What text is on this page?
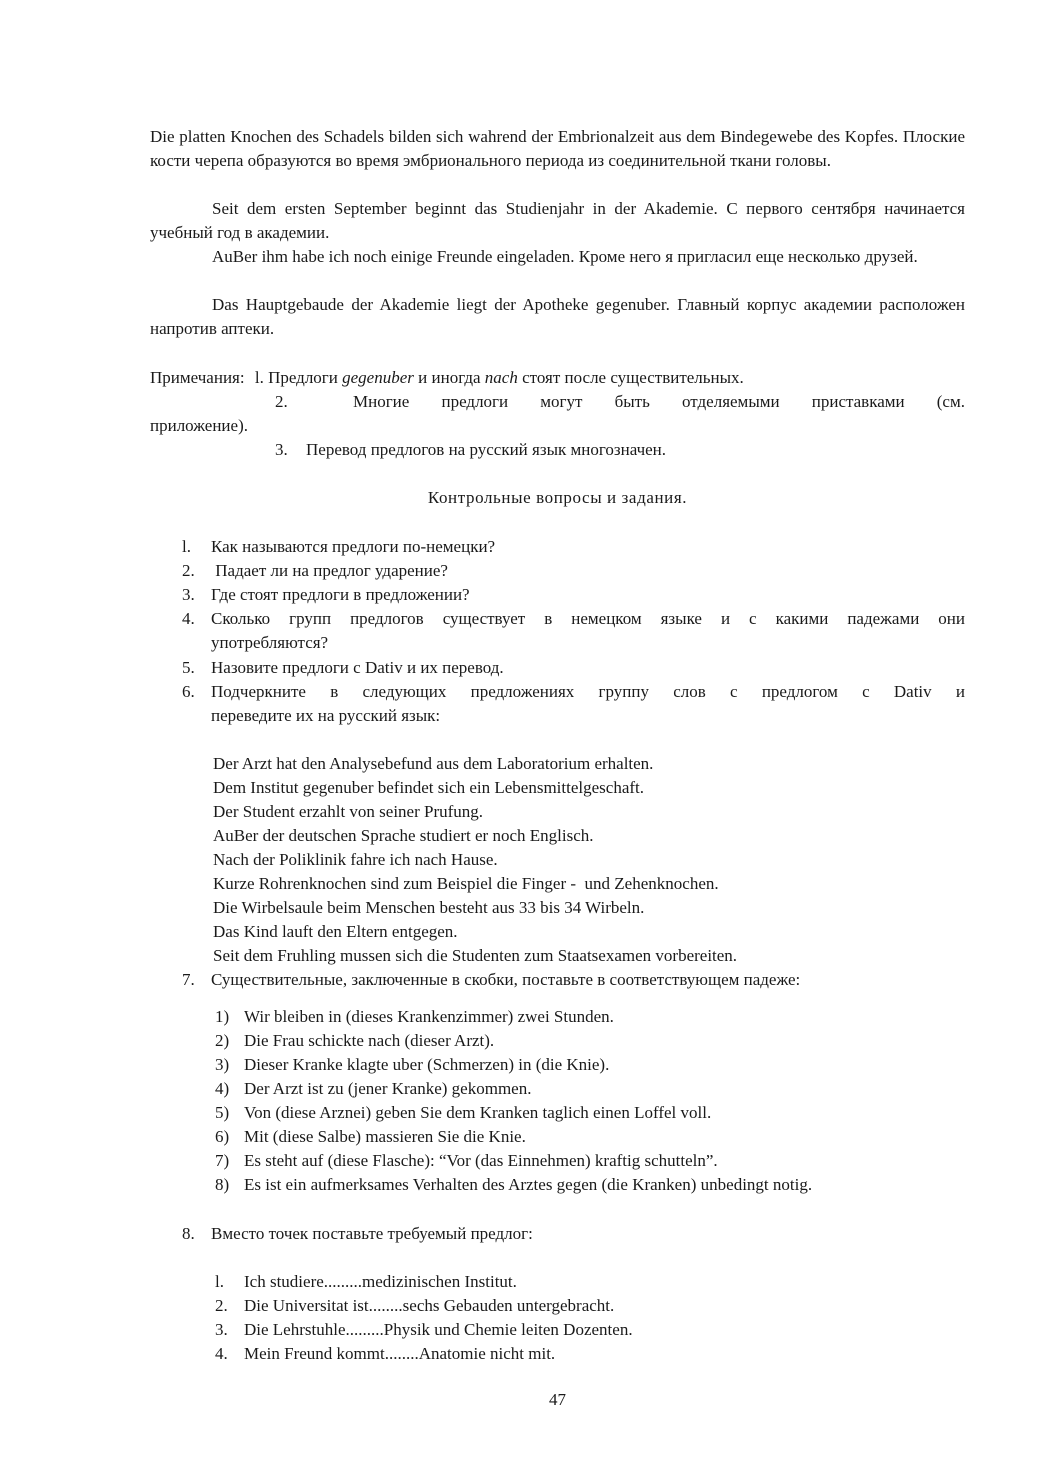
Die platten Knochen des Schadels bilden sich wahrend der Embrionalzeit aus dem Bindegewebe des Kopfes. Плоские кости черепа образуются во время эмбрионального периода из соединительной ткани головы.
Seit dem ersten September beginnt das Studienjahr in der Akademie. С первого сентября начинается учебный год в академии.
AuBer ihm habe ich noch einige Freunde eingeladen. Кроме него я пригласил еще несколько друзей.
Das Hauptgebaude der Akademie liegt der Apotheke gegenuber. Главный корпус академии расположен напротив аптеки.
Примечания: l. Предлоги gegenuber и иногда nach стоят после существительных.
2.	Многие предлоги могут быть отделяемыми приставками (см.
приложение).
3. Перевод предлогов на русский язык многозначен.
Контрольные вопросы и задания.
l. Как называются предлоги по-немецки?
2. Падает ли на предлог ударение?
3. Где стоят предлоги в предложении?
4. Сколько групп предлогов существует в немецком языке и с какими падежами они
употребляются?
5. Назовите предлоги с Dativ и их перевод.
6. Подчеркните в следующих предложениях группу слов с предлогом с Dativ и
переведите их на русский язык:
Der Arzt hat den Analysebefund aus dem Laboratorium erhalten.
Dem Institut gegenuber befindet sich ein Lebensmittelgeschaft.
Der Student erzahlt von seiner Prufung.
AuBer der deutschen Sprache studiert er noch Englisch.
Nach der Poliklinik fahre ich nach Hause.
Kurze Rohrenknochen sind zum Beispiel die Finger -  und Zehenknochen.
Die Wirbelsaule beim Menschen besteht aus 33 bis 34 Wirbeln.
Das Kind lauft den Eltern entgegen.
Seit dem Fruhling mussen sich die Studenten zum Staatsexamen vorbereiten.
7. Существительные, заключенные в скобки, поставьте в соответствующем падеже:
1) Wir bleiben in (dieses Krankenzimmer) zwei Stunden.
2) Die Frau schickte nach (dieser Arzt).
3) Dieser Kranke klagte uber (Schmerzen) in (die Knie).
4) Der Arzt ist zu (jener Kranke) gekommen.
5) Von (diese Arznei) geben Sie dem Kranken taglich einen Loffel voll.
6) Mit (diese Salbe) massieren Sie die Knie.
7) Es steht auf (diese Flasche): “Vor (das Einnehmen) kraftig schutteln”.
8) Es ist ein aufmerksames Verhalten des Arztes gegen (die Kranken) unbedingt notig.
8. Вместо точек поставьте требуемый предлог:
l. Ich studiere.........medizinischen Institut.
2. Die Universitat ist........sechs Gebauden untergebracht.
3. Die Lehrstuhle.........Physik und Chemie leiten Dozenten.
4. Mein Freund kommt........Anatomie nicht mit.
47
